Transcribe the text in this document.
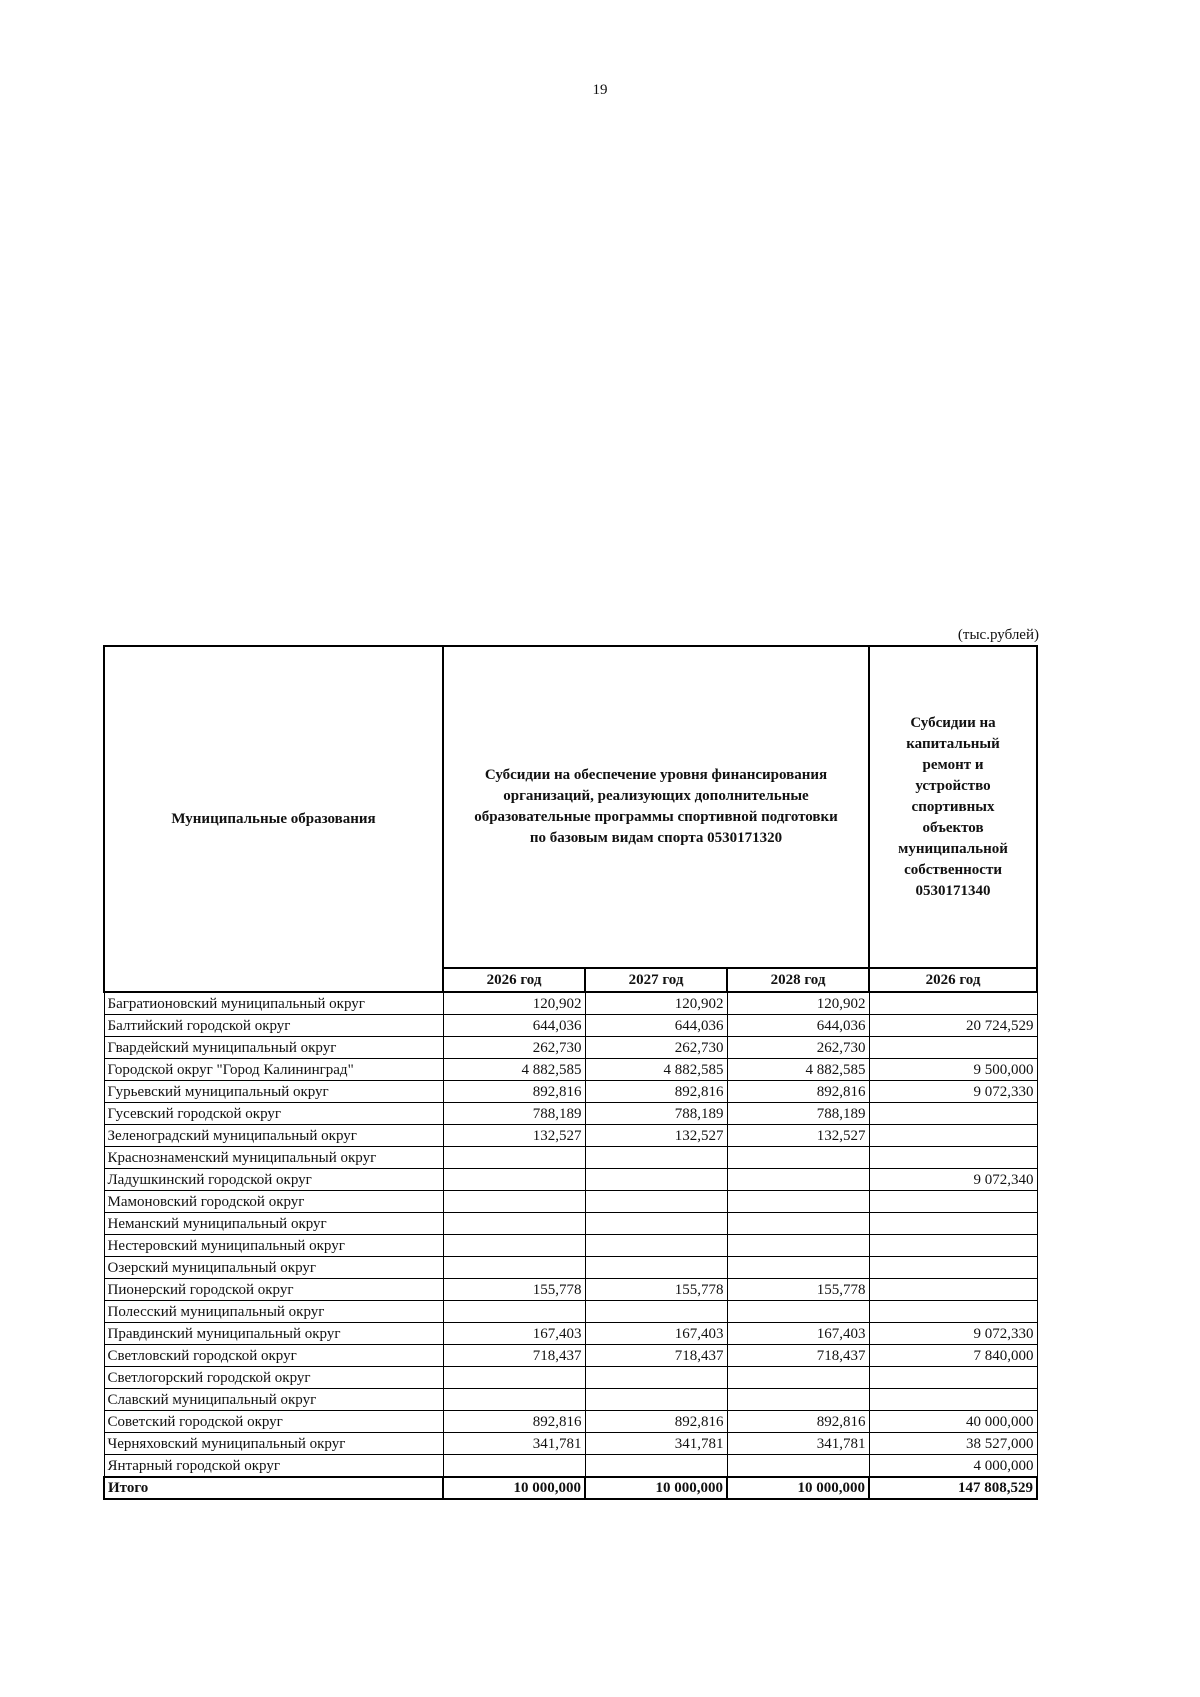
19
(тыс.рублей)
Муниципальные образования	Субсидии на обеспечение уровня финансирования организаций, реализующих дополнительные образовательные программы спортивной подготовки по базовым видам спорта 0530171320			Субсидии на капитальный ремонт и устройство спортивных объектов муниципальной собственности 0530171340
	2026 год	2027 год	2028 год	2026 год
Багратионовский муниципальный округ	120,902	120,902	120,902	
Балтийский городской округ	644,036	644,036	644,036	20 724,529
Гвардейский муниципальный округ	262,730	262,730	262,730	
Городской округ "Город Калининград"	4 882,585	4 882,585	4 882,585	9 500,000
Гурьевский муниципальный округ	892,816	892,816	892,816	9 072,330
Гусевский городской округ	788,189	788,189	788,189	
Зеленоградский муниципальный округ	132,527	132,527	132,527	
Краснознаменский муниципальный округ				
Ладушкинский городской округ				9 072,340
Мамоновский городской округ				
Неманский муниципальный округ				
Нестеровский муниципальный округ				
Озерский муниципальный округ				
Пионерский городской округ	155,778	155,778	155,778	
Полесский муниципальный округ				
Правдинский муниципальный округ	167,403	167,403	167,403	9 072,330
Светловский городской округ	718,437	718,437	718,437	7 840,000
Светлогорский городской округ				
Славский муниципальный округ				
Советский городской округ	892,816	892,816	892,816	40 000,000
Черняховский муниципальный округ	341,781	341,781	341,781	38 527,000
Янтарный городской округ				4 000,000
Итого	10 000,000	10 000,000	10 000,000	147 808,529
